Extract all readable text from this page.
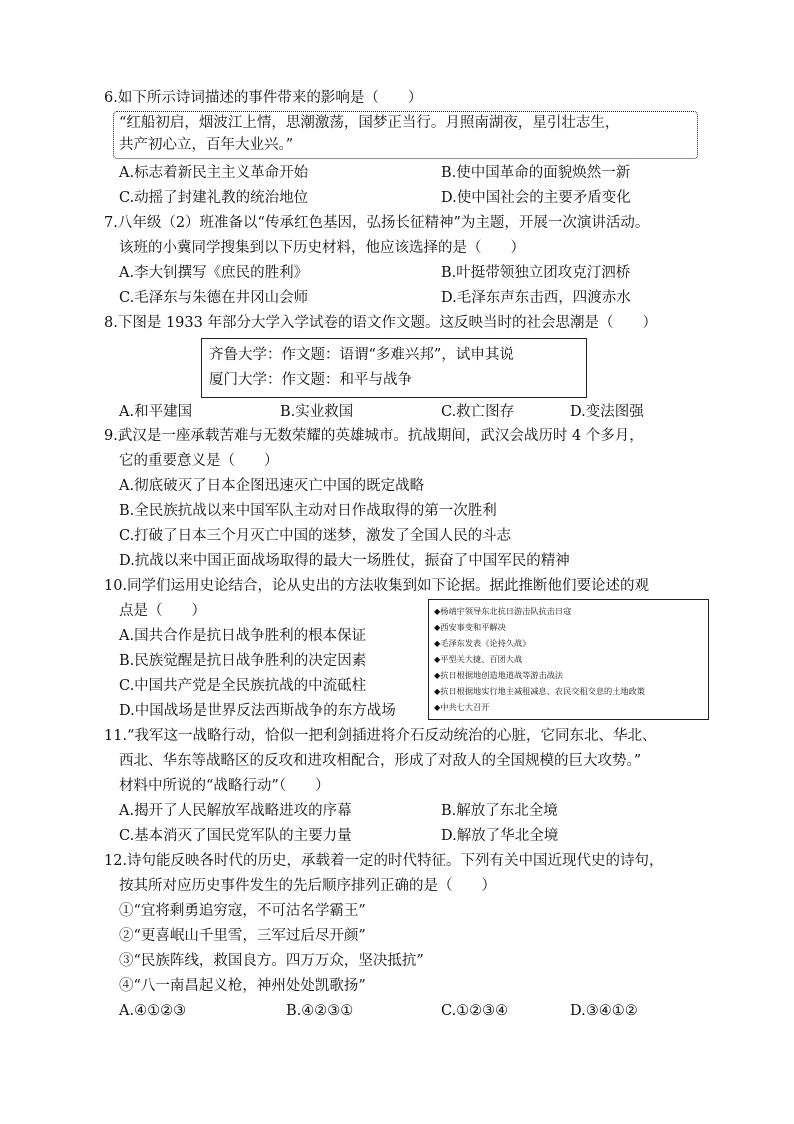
6.如下所示诗词描述的事件带来的影响是（　　）
“红船初启，烟波江上情，思潮激荡，国梦正当行。月照南湖夜，星引壮志生，
共产初心立，百年大业兴。”
A.标志着新民主主义革命开始	B.使中国革命的面貌焕然一新
C.动摇了封建礼教的统治地位	D.使中国社会的主要矛盾变化
7.八年级（2）班准备以“传承红色基因，弘扬长征精神”为主题，开展一次演讲活动。
该班的小冀同学搜集到以下历史材料，他应该选择的是（　　）
A.李大钊撰写《庶民的胜利》	B.叶挺带领独立团攻克汀泗桥
C.毛泽东与朱德在井冈山会师	D.毛泽东声东击西，四渡赤水
8.下图是 1933 年部分大学入学试卷的语文作文题。这反映当时的社会思潮是（　　）
齐鲁大学：作文题：语谓“多难兴邦”，试申其说
厦门大学：作文题：和平与战争
A.和平建国	B.实业救国	C.救亡图存	D.变法图强
9.武汉是一座承载苦难与无数荣耀的英雄城市。抗战期间，武汉会战历时 4 个多月，
它的重要意义是（　　）
A.彻底破灭了日本企图迅速灭亡中国的既定战略
B.全民族抗战以来中国军队主动对日作战取得的第一次胜利
C.打破了日本三个月灭亡中国的迷梦，激发了全国人民的斗志
D.抗战以来中国正面战场取得的最大一场胜仗，振奋了中国军民的精神
10.同学们运用史论结合，论从史出的方法收集到如下论据。据此推断他们要论述的观
点是（　　）
A.国共合作是抗日战争胜利的根本保证
B.民族觉醒是抗日战争胜利的决定因素
C.中国共产党是全民族抗战的中流砥柱
D.中国战场是世界反法西斯战争的东方战场
◆杨靖宇领导东北抗日游击队抗击日寇
◆西安事变和平解决
◆毛泽东发表《论持久战》
◆平型关大捷、百团大战
◆抗日根据地创造地道战等游击战法
◆抗日根据地实行地主减租减息、农民交租交息的土地政策
◆中共七大召开
11.“我军这一战略行动，恰似一把利剑插进将介石反动统治的心脏，它同东北、华北、
西北、华东等战略区的反攻和进攻相配合，形成了对敌人的全国规模的巨大攻势。”
材料中所说的“战略行动”（　　）
A.揭开了人民解放军战略进攻的序幕	B.解放了东北全境
C.基本消灭了国民党军队的主要力量	D.解放了华北全境
12.诗句能反映各时代的历史，承载着一定的时代特征。下列有关中国近现代史的诗句，
按其所对应历史事件发生的先后顺序排列正确的是（　　）
①“宜将剩勇追穷寇，不可沽名学霸王”
②“更喜岷山千里雪，三军过后尽开颜”
③“民族阵线，救国良方。四万万众，坚决抵抗”
④“八一南昌起义枪，神州处处凯歌扬”
A.④①②③	B.④②③①	C.①②③④	D.③④①②
